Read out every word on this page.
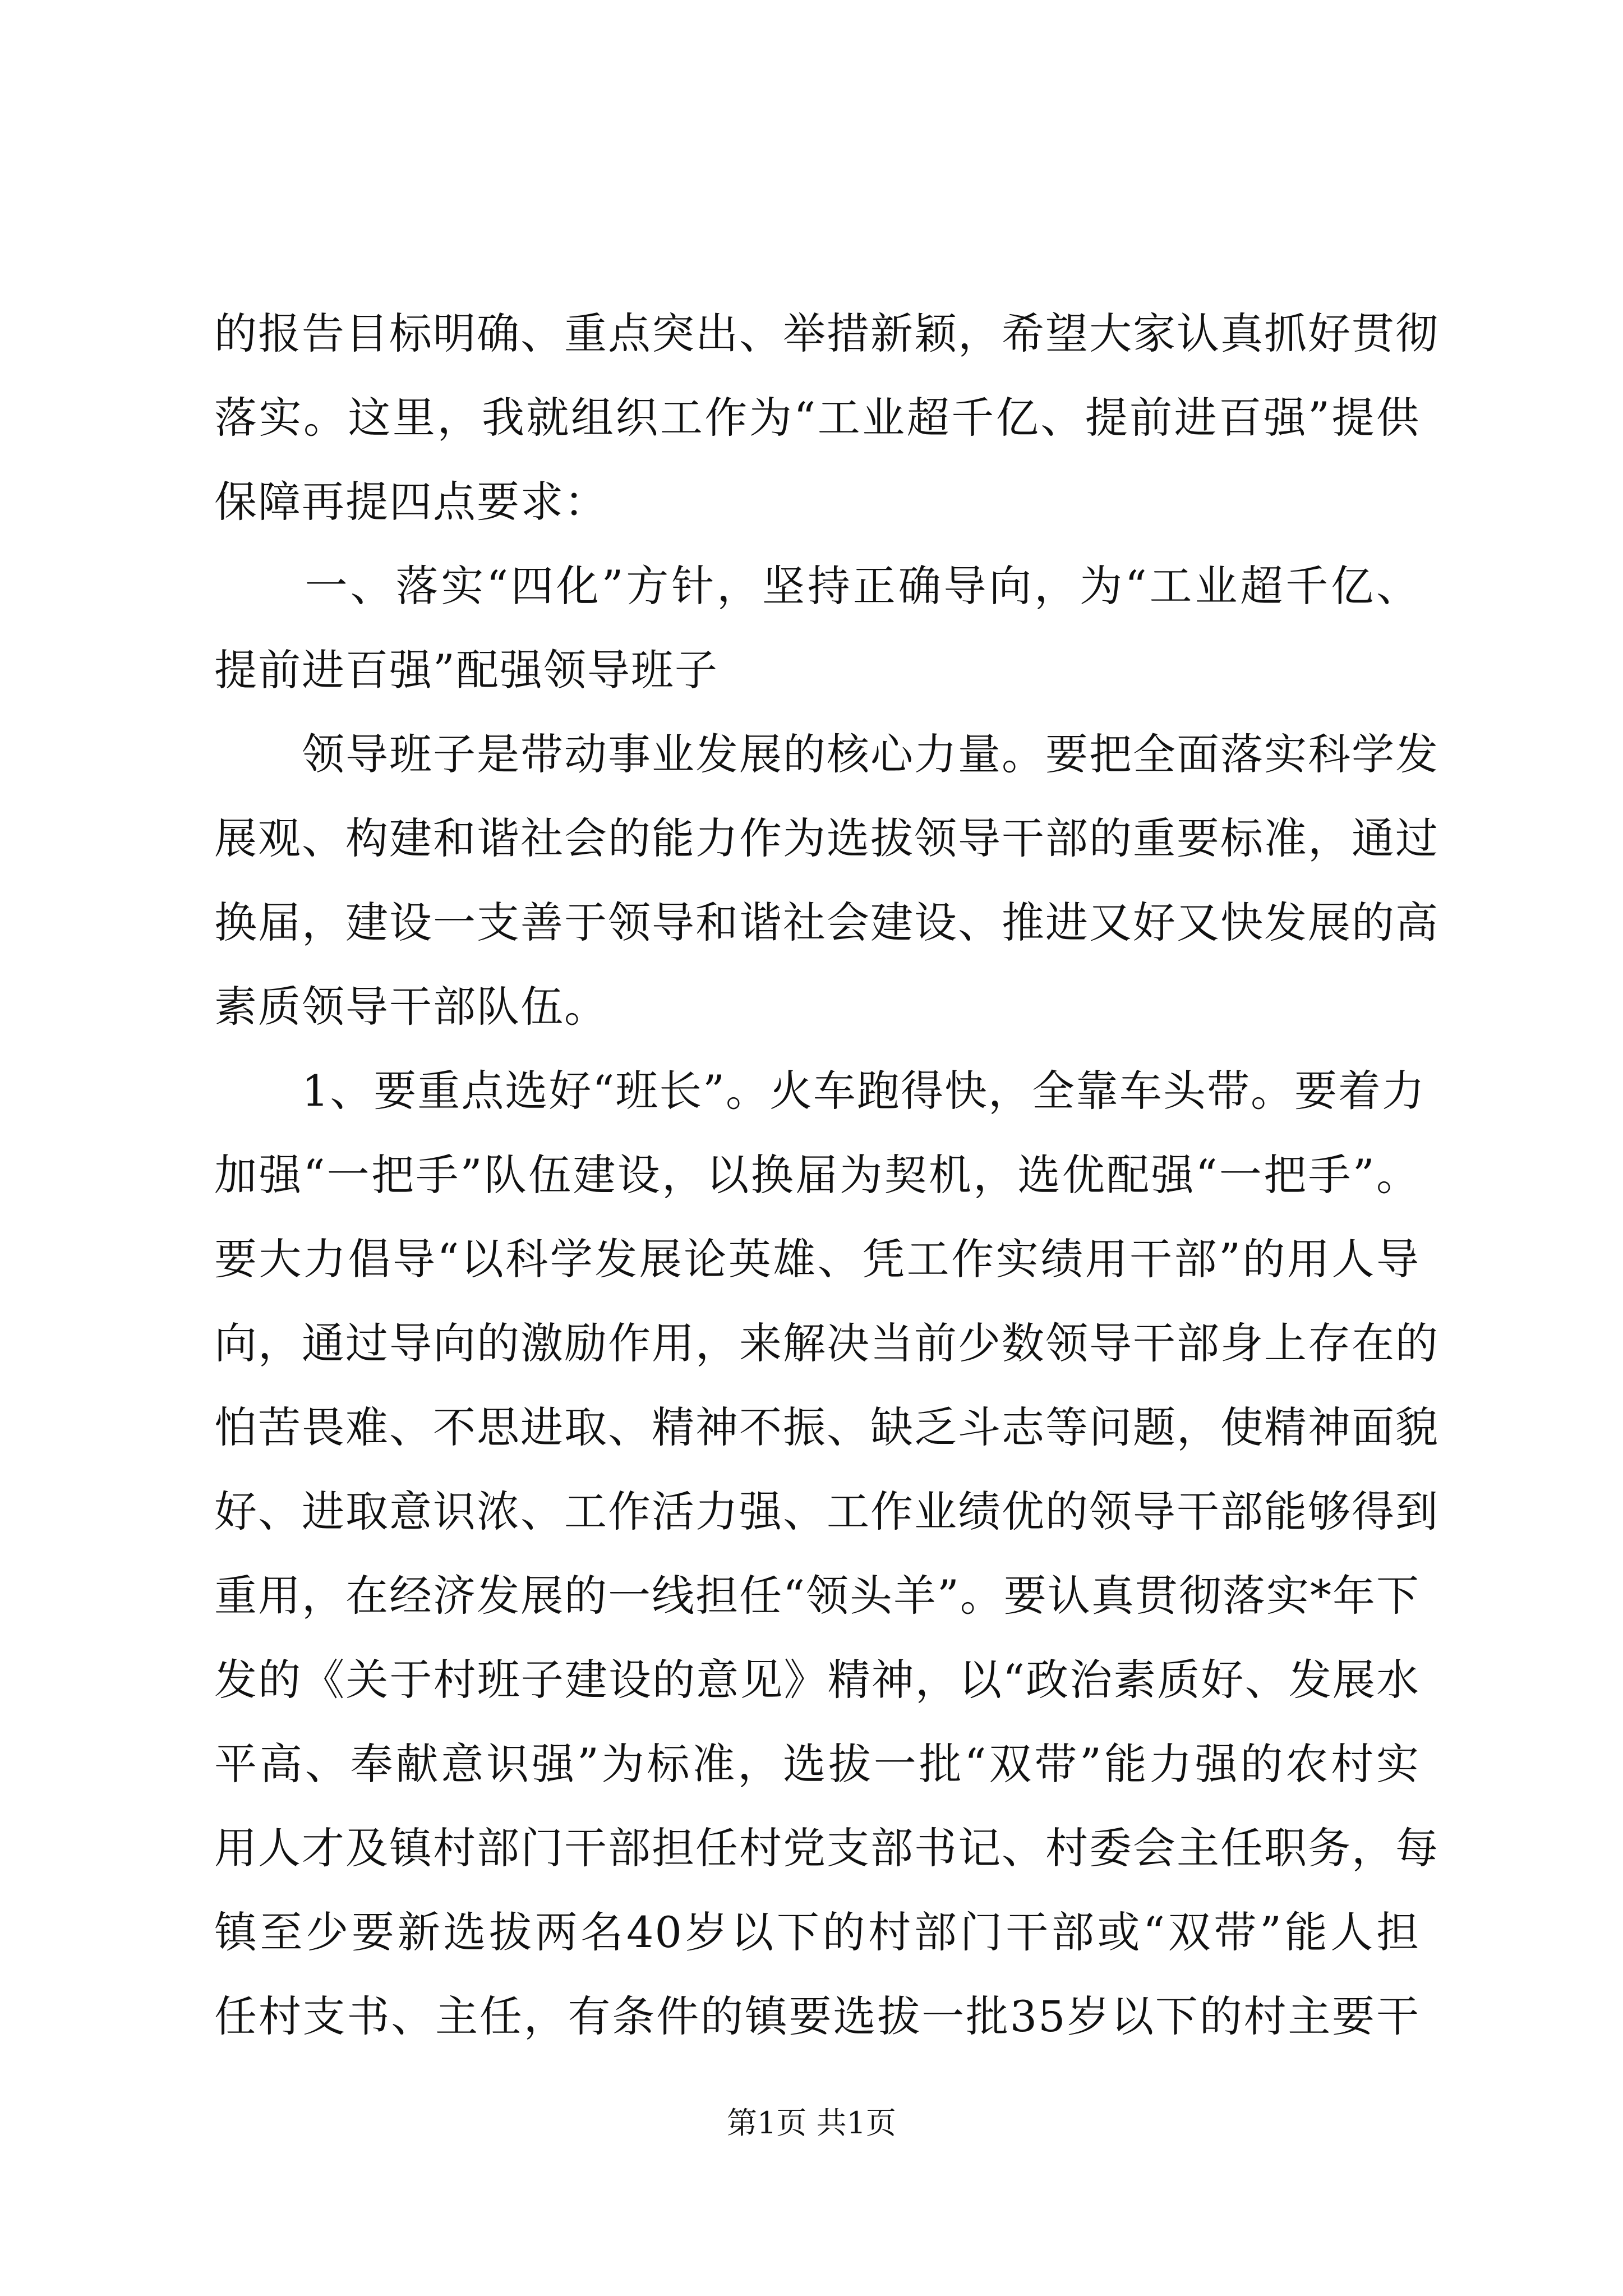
的报告目标明确、重点突出、举措新颖，希望大家认真抓好贯彻
落实。这里，我就组织工作为“工业超千亿、提前进百强”提供
保障再提四点要求：
　　一、落实“四化”方针，坚持正确导向，为“工业超千亿、
提前进百强”配强领导班子
　　领导班子是带动事业发展的核心力量。要把全面落实科学发
展观、构建和谐社会的能力作为选拔领导干部的重要标准，通过
换届，建设一支善于领导和谐社会建设、推进又好又快发展的高
素质领导干部队伍。
　　1、要重点选好“班长”。火车跑得快，全靠车头带。要着力
加强“一把手”队伍建设，以换届为契机，选优配强“一把手”。
要大力倡导“以科学发展论英雄、凭工作实绩用干部”的用人导
向，通过导向的激励作用，来解决当前少数领导干部身上存在的
怕苦畏难、不思进取、精神不振、缺乏斗志等问题，使精神面貌
好、进取意识浓、工作活力强、工作业绩优的领导干部能够得到
重用，在经济发展的一线担任“领头羊”。要认真贯彻落实*年下
发的《关于村班子建设的意见》精神，以“政治素质好、发展水
平高、奉献意识强”为标准，选拔一批“双带”能力强的农村实
用人才及镇村部门干部担任村党支部书记、村委会主任职务，每
镇至少要新选拔两名40岁以下的村部门干部或“双带”能人担
任村支书、主任，有条件的镇要选拔一批35岁以下的村主要干
第1页 共1页
